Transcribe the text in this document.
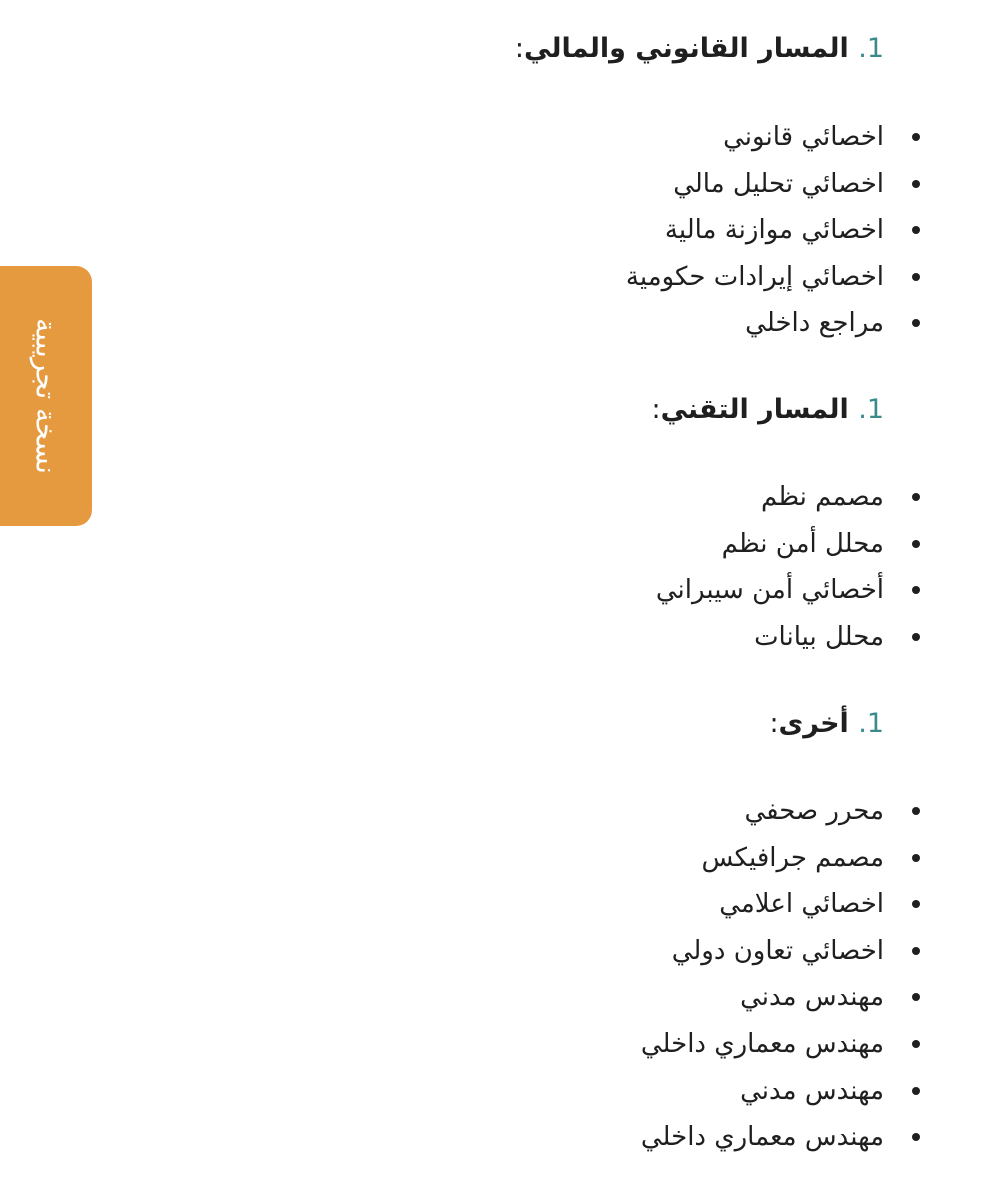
نسخة تجريبية
1. المسار القانوني والمالي:
اخصائي قانوني
اخصائي تحليل مالي
اخصائي موازنة مالية
اخصائي إيرادات حكومية
مراجع داخلي
1. المسار التقني:
مصمم نظم
محلل أمن نظم
أخصائي أمن سيبراني
محلل بيانات
1. أخرى:
محرر صحفي
مصمم جرافيكس
اخصائي اعلامي
اخصائي تعاون دولي
مهندس مدني
مهندس معماري داخلي
مهندس مدني
مهندس معماري داخلي
